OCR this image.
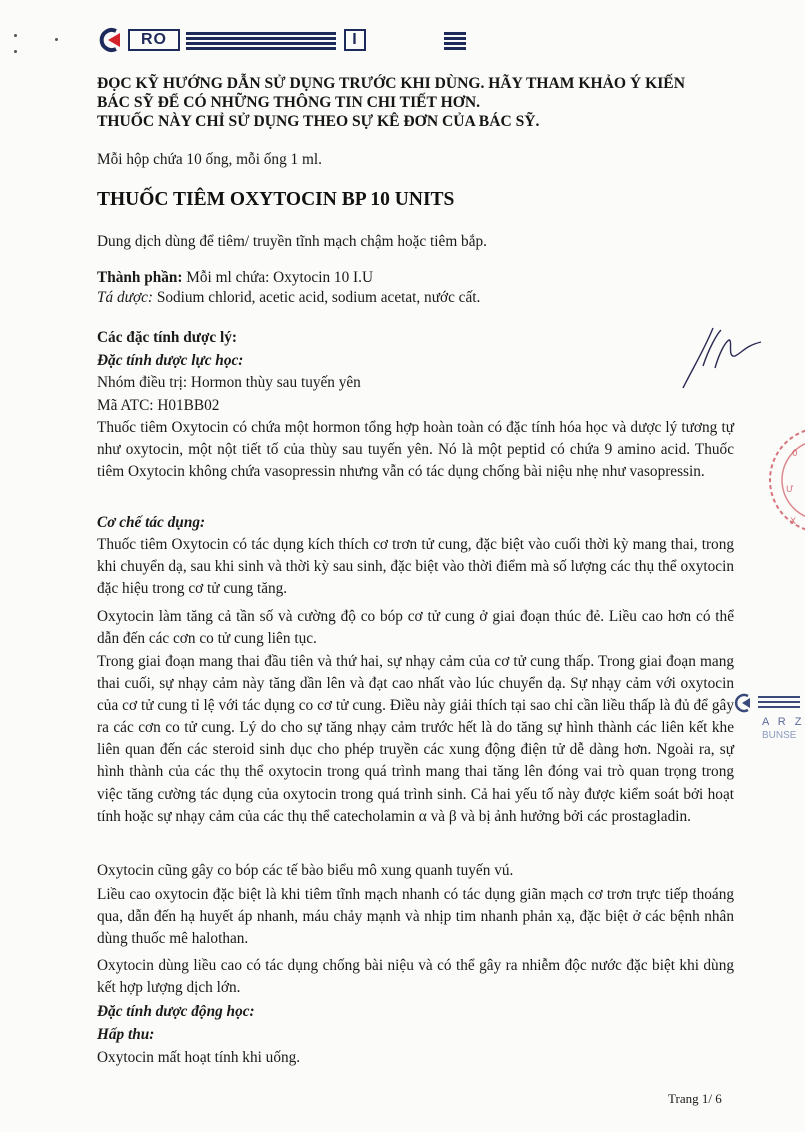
RO	I
ĐỌC KỸ HƯỚNG DẪN SỬ DỤNG TRƯỚC KHI DÙNG. HÃY THAM KHẢO Ý KIẾN
BÁC SỸ ĐỂ CÓ NHỮNG THÔNG TIN CHI TIẾT HƠN.
THUỐC NÀY CHỈ SỬ DỤNG THEO SỰ KÊ ĐƠN CỦA BÁC SỸ.
Mỗi hộp chứa 10 ống, mỗi ống 1 ml.
THUỐC TIÊM OXYTOCIN BP 10 UNITS
Dung dịch dùng để tiêm/ truyền tĩnh mạch chậm hoặc tiêm bắp.
Thành phần: Mỗi ml chứa: Oxytocin 10 I.U
Tá dược: Sodium chlorid, acetic acid, sodium acetat, nước cất.
Các đặc tính dược lý:
Đặc tính dược lực học:
Nhóm điều trị: Hormon thùy sau tuyến yên
Mã ATC: H01BB02
Thuốc tiêm Oxytocin có chứa một hormon tổng hợp hoàn toàn có đặc tính hóa học và dược lý tương tự như oxytocin, một nột tiết tố của thùy sau tuyến yên. Nó là một peptid có chứa 9 amino acid. Thuốc tiêm Oxytocin không chứa vasopressin nhưng vẫn có tác dụng chống bài niệu nhẹ như vasopressin.
Cơ chế tác dụng:
Thuốc tiêm Oxytocin có tác dụng kích thích cơ trơn tử cung, đặc biệt vào cuối thời kỳ mang thai, trong khi chuyển dạ, sau khi sinh và thời kỳ sau sinh, đặc biệt vào thời điểm mà số lượng các thụ thể oxytocin đặc hiệu trong cơ tử cung tăng.
Oxytocin làm tăng cả tần số và cường độ co bóp cơ tử cung ở giai đoạn thúc đẻ. Liều cao hơn có thể dẫn đến các cơn co tử cung liên tục.
Trong giai đoạn mang thai đầu tiên và thứ hai, sự nhạy cảm của cơ tử cung thấp. Trong giai đoạn mang thai cuối, sự nhạy cảm này tăng dần lên và đạt cao nhất vào lúc chuyển dạ. Sự nhạy cảm với oxytocin của cơ tử cung tỉ lệ với tác dụng co cơ tử cung. Điều này giải thích tại sao chỉ cần liều thấp là đủ để gây ra các cơn co tử cung. Lý do cho sự tăng nhạy cảm trước hết là do tăng sự hình thành các liên kết khe liên quan đến các steroid sinh dục cho phép truyền các xung động điện tử dễ dàng hơn. Ngoài ra, sự hình thành của các thụ thể oxytocin trong quá trình mang thai tăng lên đóng vai trò quan trọng trong việc tăng cường tác dụng của oxytocin trong quá trình sinh. Cả hai yếu tố này được kiểm soát bởi hoạt tính hoặc sự nhạy cảm của các thụ thể catecholamin α và β và bị ảnh hưởng bởi các prostagladin.
Oxytocin cũng gây co bóp các tế bào biểu mô xung quanh tuyến vú.
Liều cao oxytocin đặc biệt là khi tiêm tĩnh mạch nhanh có tác dụng giãn mạch cơ trơn trực tiếp thoáng qua, dẫn đến hạ huyết áp nhanh, máu chảy mạnh và nhịp tim nhanh phản xạ, đặc biệt ở các bệnh nhân dùng thuốc mê halothan.
Oxytocin dùng liều cao có tác dụng chống bài niệu và có thể gây ra nhiễm độc nước đặc biệt khi dùng kết hợp lượng dịch lớn.
Đặc tính dược động học:
Hấp thu:
Oxytocin mất hoạt tính khi uống.
Trang 1/ 6
0
Ư
X
A R Z
BUNSE
